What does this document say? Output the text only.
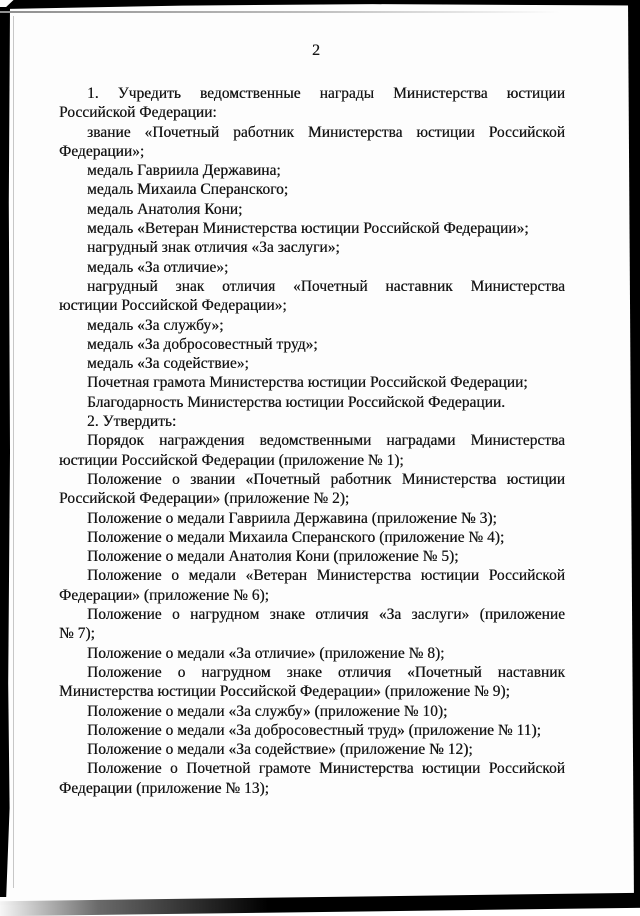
2
1. Учредить ведомственные награды Министерства юстиции
Российской Федерации:
звание «Почетный работник Министерства юстиции Российской
Федерации»;
медаль Гавриила Державина;
медаль Михаила Сперанского;
медаль Анатолия Кони;
медаль «Ветеран Министерства юстиции Российской Федерации»;
нагрудный знак отличия «За заслуги»;
медаль «За отличие»;
нагрудный знак отличия «Почетный наставник Министерства
юстиции Российской Федерации»;
медаль «За службу»;
медаль «За добросовестный труд»;
медаль «За содействие»;
Почетная грамота Министерства юстиции Российской Федерации;
Благодарность Министерства юстиции Российской Федерации.
2. Утвердить:
Порядок награждения ведомственными наградами Министерства
юстиции Российской Федерации (приложение № 1);
Положение о звании «Почетный работник Министерства юстиции
Российской Федерации» (приложение № 2);
Положение о медали Гавриила Державина (приложение № 3);
Положение о медали Михаила Сперанского (приложение № 4);
Положение о медали Анатолия Кони (приложение № 5);
Положение о медали «Ветеран Министерства юстиции Российской
Федерации» (приложение № 6);
Положение о нагрудном знаке отличия «За заслуги» (приложение
№ 7);
Положение о медали «За отличие» (приложение № 8);
Положение о нагрудном знаке отличия «Почетный наставник
Министерства юстиции Российской Федерации» (приложение № 9);
Положение о медали «За службу» (приложение № 10);
Положение о медали «За добросовестный труд» (приложение № 11);
Положение о медали «За содействие» (приложение № 12);
Положение о Почетной грамоте Министерства юстиции Российской
Федерации (приложение № 13);
